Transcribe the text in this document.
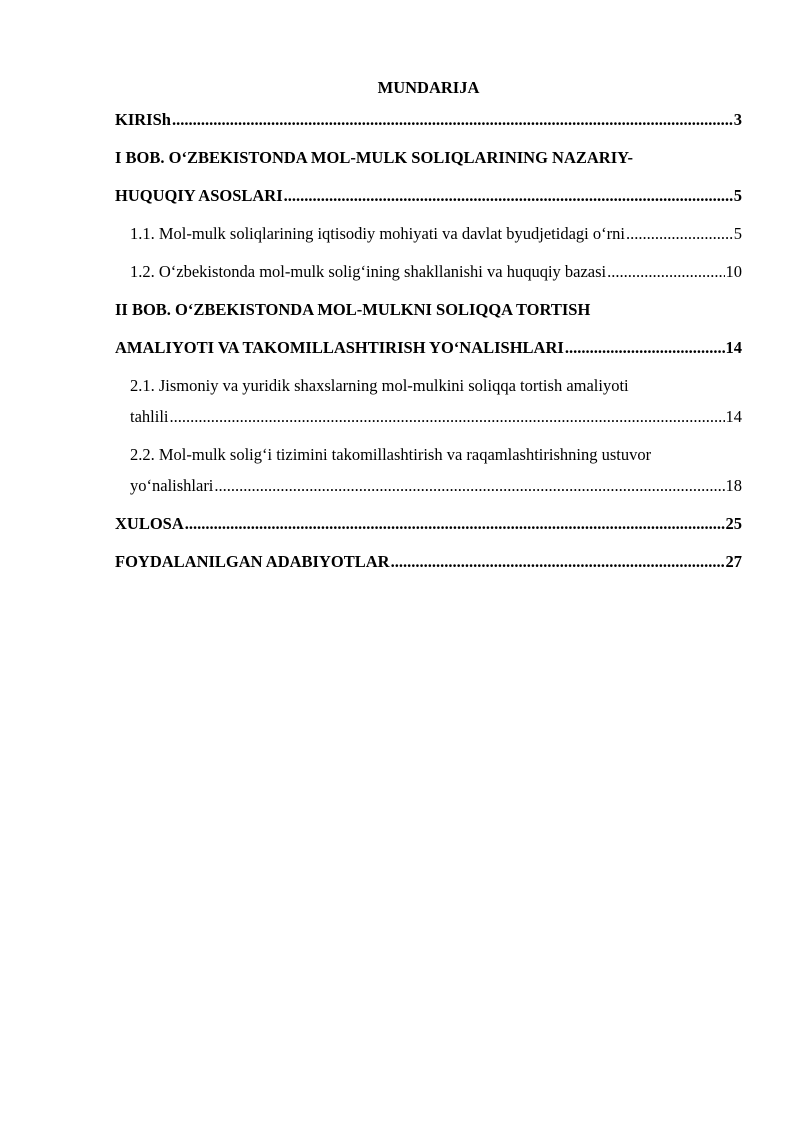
MUNDARIJA
KIRISh .....	3
I BOB. O‘ZBEKISTONDA MOL-MULK SOLIQLARINING NAZARIY-
HUQUQIY ASOSLARI .....	5
1.1. Mol-mulk soliqlarining iqtisodiy mohiyati va davlat byudjetidagi o‘rni .....	5
1.2. O‘zbekistonda mol-mulk solig‘ining shakllanishi va huquqiy bazasi .....	10
II BOB. O‘ZBEKISTONDA MOL-MULKNI SOLIQQA TORTISH
AMALIYOTI VA TAKOMILLASHTIRISH YO‘NALISHLARI .....	14
2.1. Jismoniy va yuridik shaxslarning mol-mulkini soliqqa tortish amaliyoti
tahlili .....	14
2.2. Mol-mulk solig‘i tizimini takomillashtirish va raqamlashtirishning ustuvor
yo‘nalishlari .....	18
XULOSA .....	25
FOYDALANILGAN ADABIYOTLAR .....	27
